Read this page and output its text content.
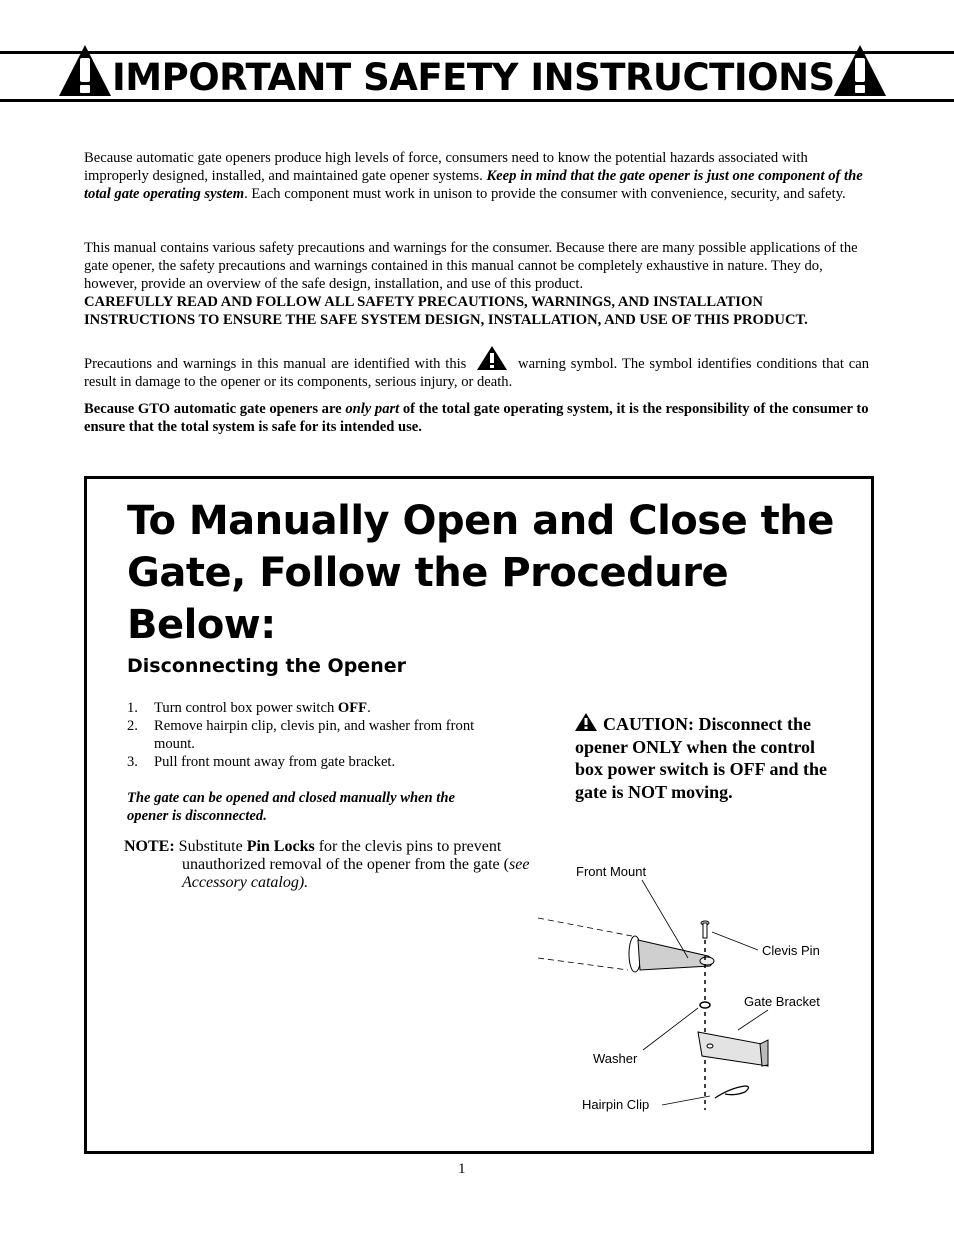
IMPORTANT SAFETY INSTRUCTIONS

Because automatic gate openers produce high levels of force, consumers need to know the potential hazards associated with improperly designed, installed, and maintained gate opener systems. Keep in mind that the gate opener is just one component of the total gate operating system. Each component must work in unison to provide the consumer with convenience, security, and safety.

This manual contains various safety precautions and warnings for the consumer. Because there are many possible applications of the gate opener, the safety precautions and warnings contained in this manual cannot be completely exhaustive in nature. They do, however, provide an overview of the safe design, installation, and use of this product.
CAREFULLY READ AND FOLLOW ALL SAFETY PRECAUTIONS, WARNINGS, AND INSTALLATION INSTRUCTIONS TO ENSURE THE SAFE SYSTEM DESIGN, INSTALLATION, AND USE OF THIS PRODUCT.

Precautions and warnings in this manual are identified with this	warning symbol. The symbol identifies conditions that can result in damage to the opener or its components, serious injury, or death.

Because GTO automatic gate openers are only part of the total gate operating system, it is the responsibility of the consumer to ensure that the total system is safe for its intended use.

To Manually Open and Close the Gate, Follow the Procedure Below:
Disconnecting the Opener
1. Turn control box power switch OFF.
2. Remove hairpin clip, clevis pin, and washer from front mount.
3. Pull front mount away from gate bracket.
The gate can be opened and closed manually when the opener is disconnected.
NOTE: Substitute Pin Locks for the clevis pins to prevent unauthorized removal of the opener from the gate (see Accessory catalog).
CAUTION: Disconnect the opener ONLY when the control box power switch is OFF and the gate is NOT moving.
Front Mount
Clevis Pin
Gate Bracket
Washer
Hairpin Clip
1
